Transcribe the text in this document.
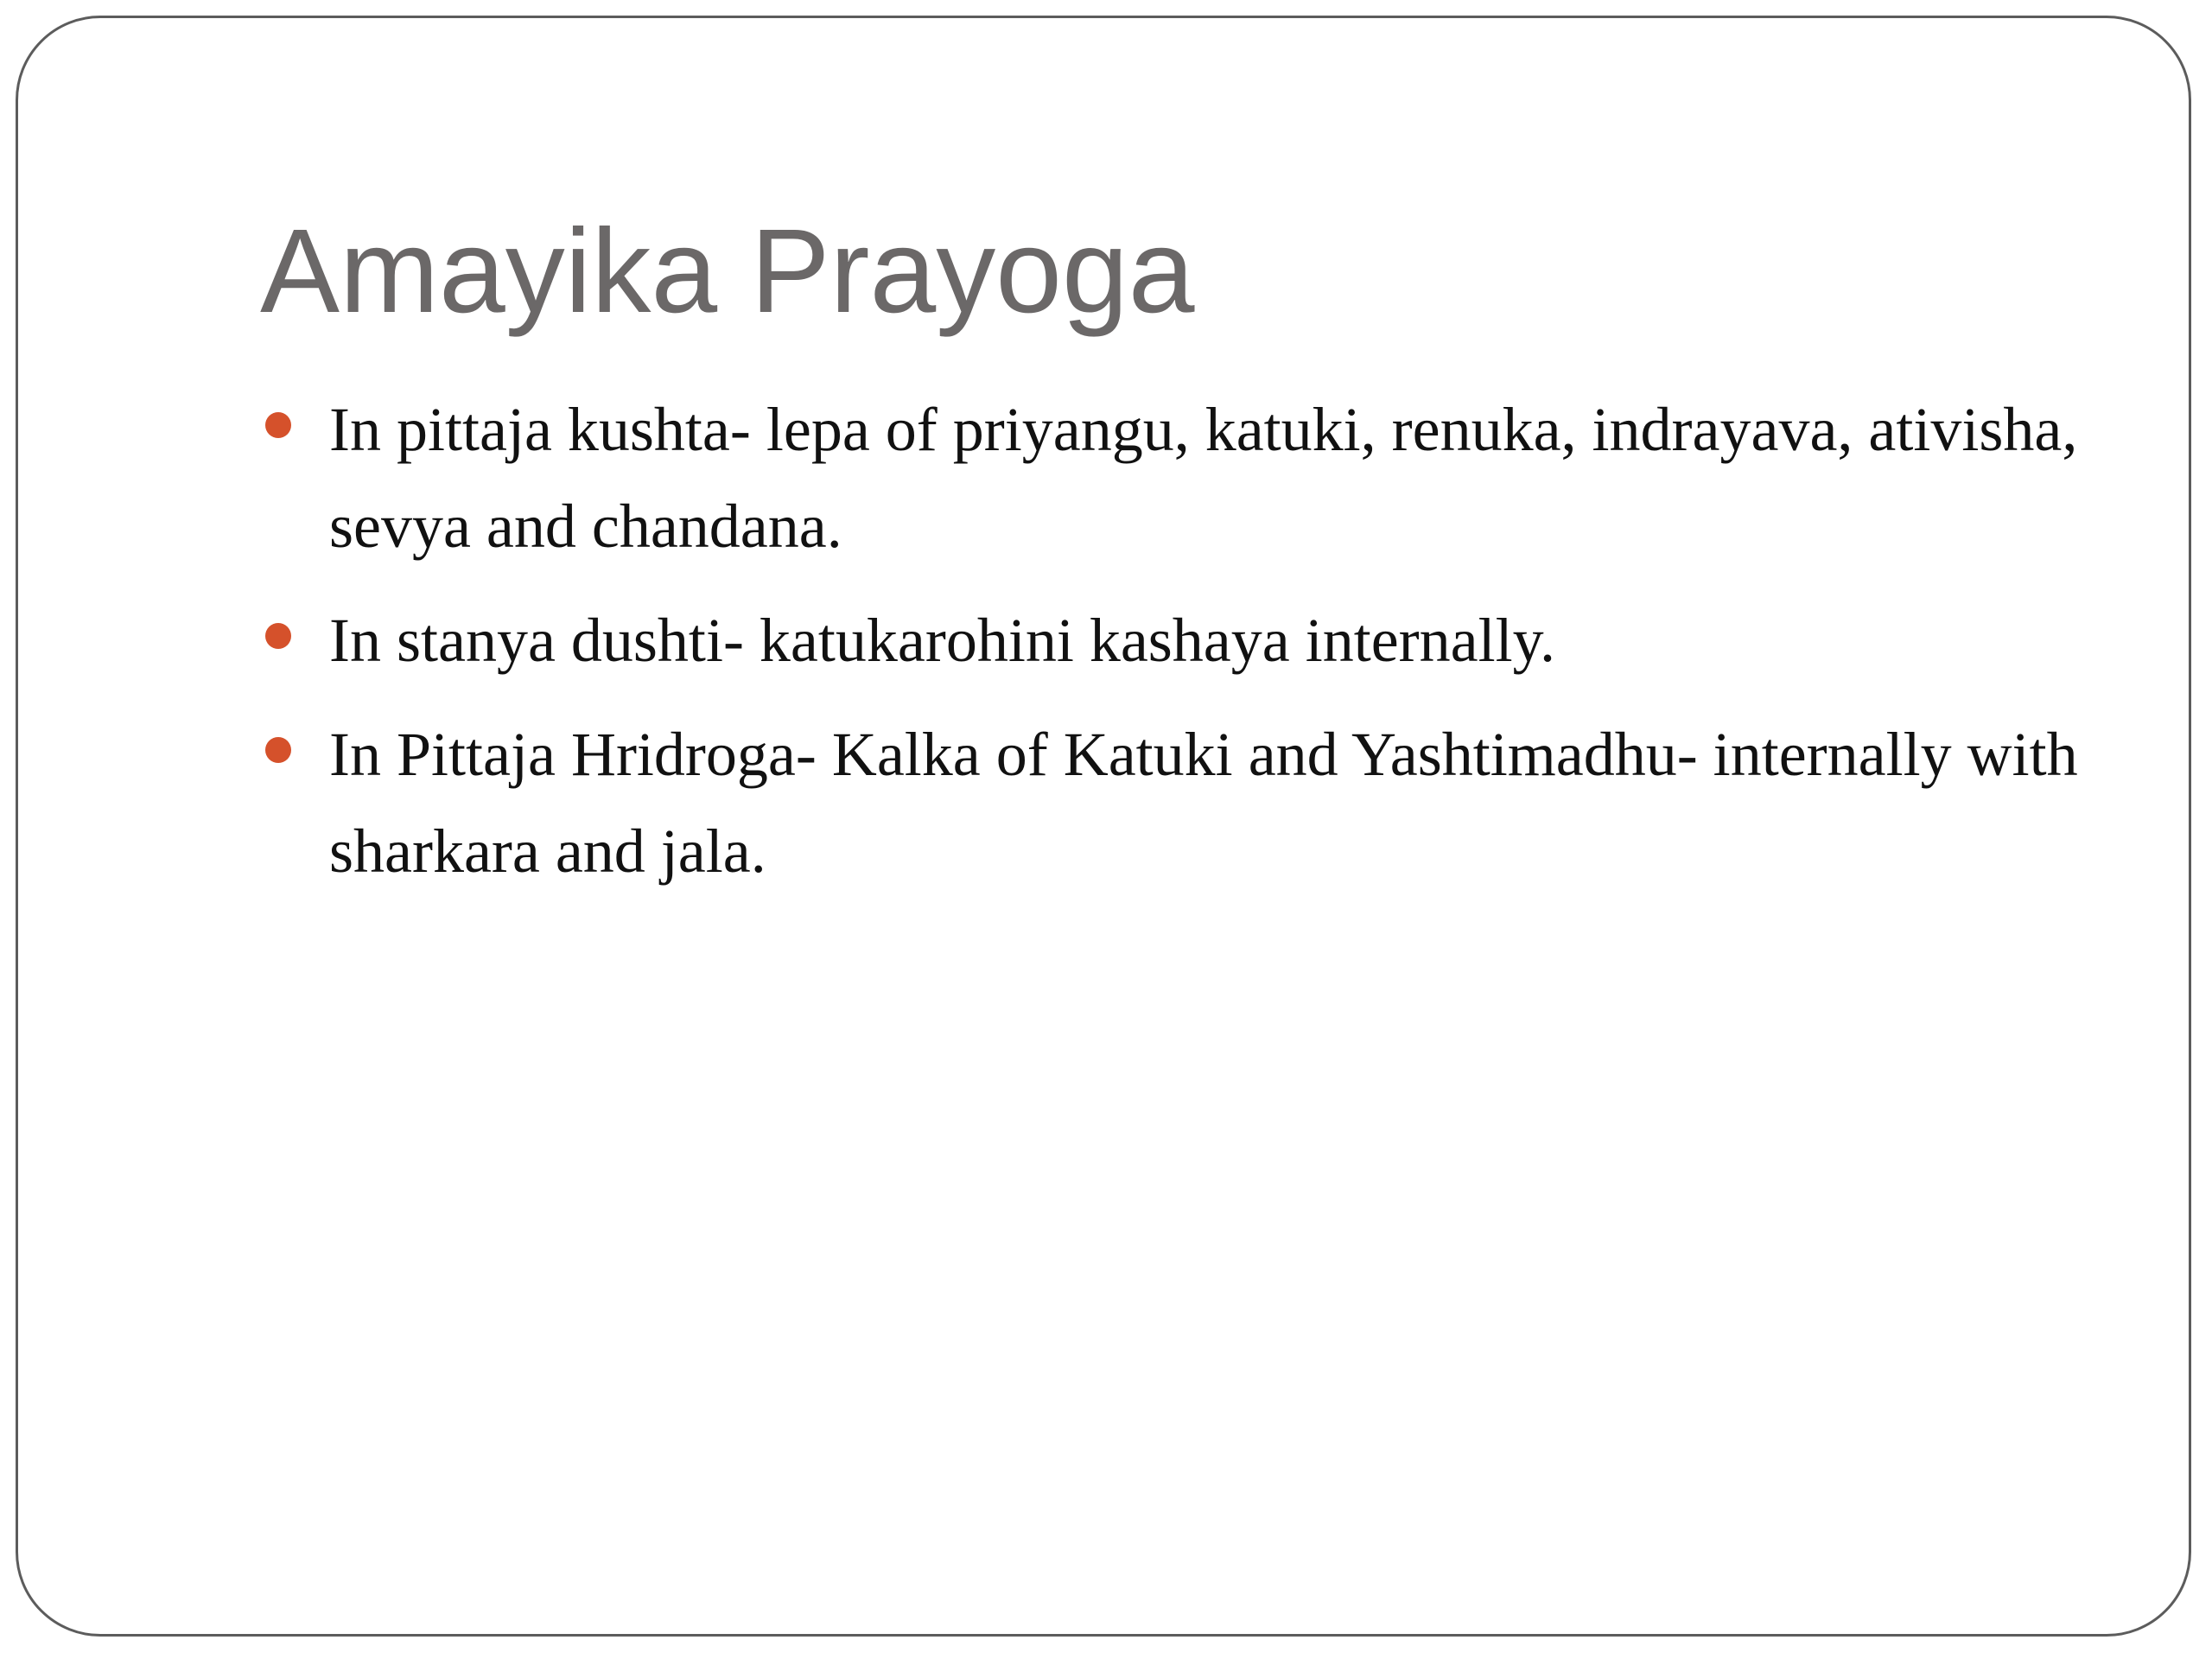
Amayika Prayoga
In pittaja kushta- lepa of priyangu, katuki, renuka, indrayava, ativisha, sevya and chandana.
In stanya dushti- katukarohini kashaya internally.
In Pittaja Hridroga- Kalka of Katuki and Yashtimadhu- internally with sharkara and jala.
